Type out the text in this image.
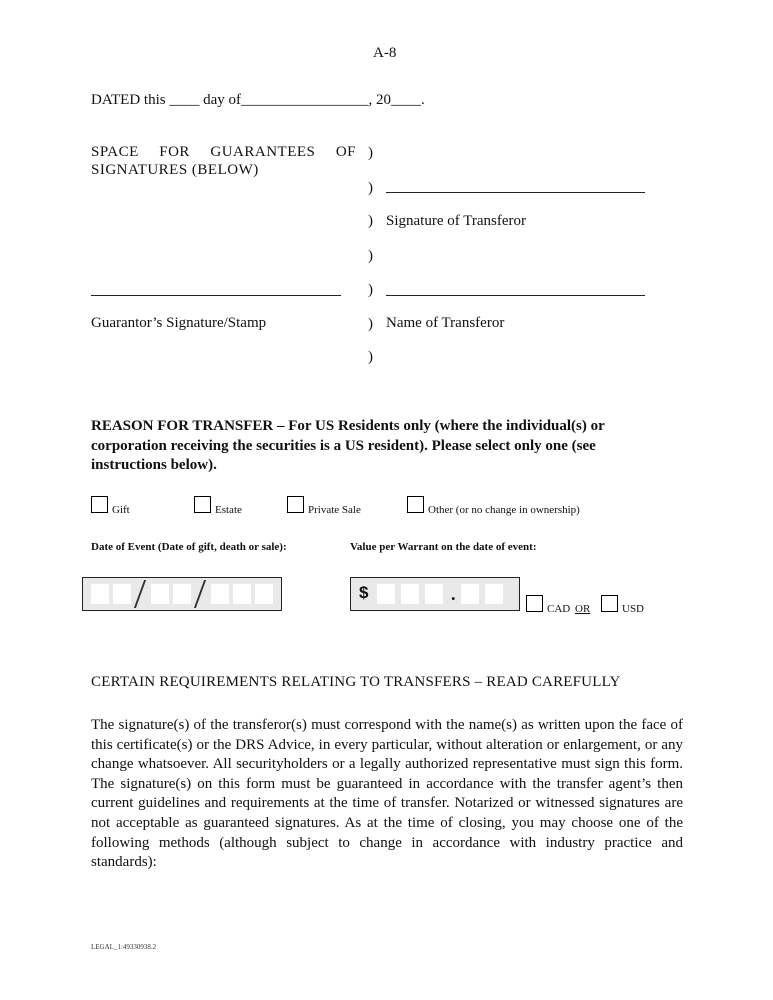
A-8
DATED this ____ day of_________________, 20____.
SPACE FOR GUARANTEES OF
SIGNATURES (BELOW)
)
)
)
)
)
)
)
Signature of Transferor
Guarantor’s Signature/Stamp	Name of Transferor
REASON FOR TRANSFER – For US Residents only (where the individual(s) or corporation receiving the securities is a US resident). Please select only one (see instructions below).
Gift	Estate	Private Sale	Other (or no change in ownership)
Date of Event (Date of gift, death or sale):	Value per Warrant on the date of event:
$	.
CAD OR	USD
CERTAIN REQUIREMENTS RELATING TO TRANSFERS – READ CAREFULLY
The signature(s) of the transferor(s) must correspond with the name(s) as written upon the face of this certificate(s) or the DRS Advice, in every particular, without alteration or enlargement, or any change whatsoever. All securityholders or a legally authorized representative must sign this form. The signature(s) on this form must be guaranteed in accordance with the transfer agent’s then current guidelines and requirements at the time of transfer. Notarized or witnessed signatures are not acceptable as guaranteed signatures. As at the time of closing, you may choose one of the following methods (although subject to change in accordance with industry practice and standards):
LEGAL_1:49330938.2
